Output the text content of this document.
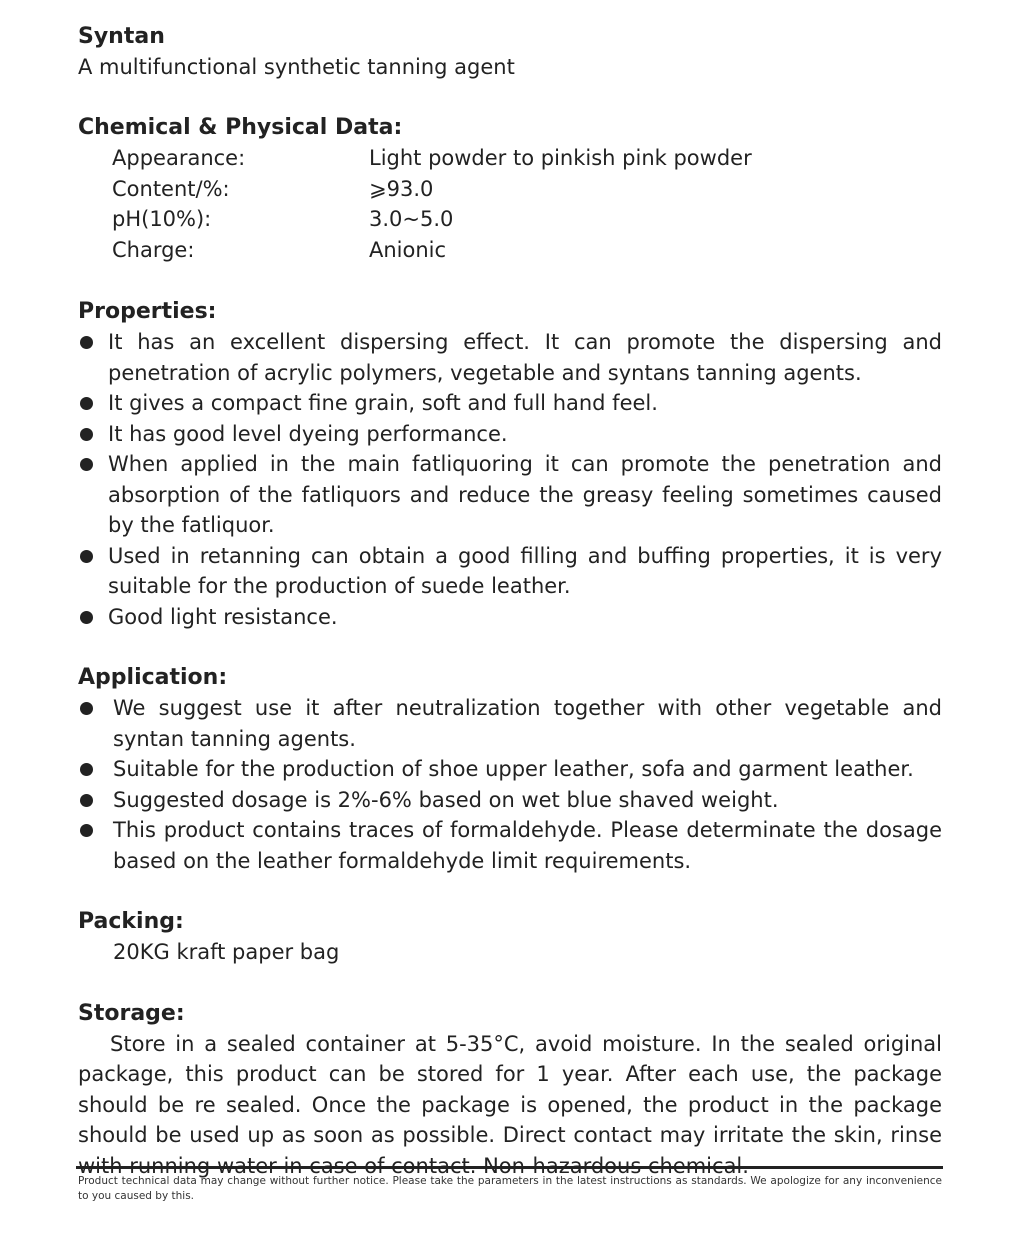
Syntan

A multifunctional synthetic tanning agent

Chemical & Physical Data:
Appearance:	Light powder to pinkish pink powder
Content/%:	⩾93.0
pH(10%):	3.0~5.0
Charge:	Anionic
Properties:
It has an excellent dispersing effect. It can promote the dispersing and penetration of acrylic polymers, vegetable and syntans tanning agents.
It gives a compact fine grain, soft and full hand feel.
It has good level dyeing performance.
When applied in the main fatliquoring it can promote the penetration and absorption of the fatliquors and reduce the greasy feeling sometimes caused by the fatliquor.
Used in retanning can obtain a good filling and buffing properties, it is very suitable for the production of suede leather.
Good light resistance.
Application:
We suggest use it after neutralization together with other vegetable and syntan tanning agents.
Suitable for the production of shoe upper leather, sofa and garment leather.
Suggested dosage is 2%-6% based on wet blue shaved weight.
This product contains traces of formaldehyde. Please determinate the dosage based on the leather formaldehyde limit requirements.
Packing:
20KG kraft paper bag
Storage:

Store in a sealed container at 5-35°C, avoid moisture. In the sealed original package, this product can be stored for 1 year. After each use, the package should be re sealed. Once the package is opened, the product in the package should be used up as soon as possible. Direct contact may irritate the skin, rinse

Product technical data may change without further notice. Please take the parameters in the latest instructions as standards. We apologize for any inconvenience to you caused by this.
